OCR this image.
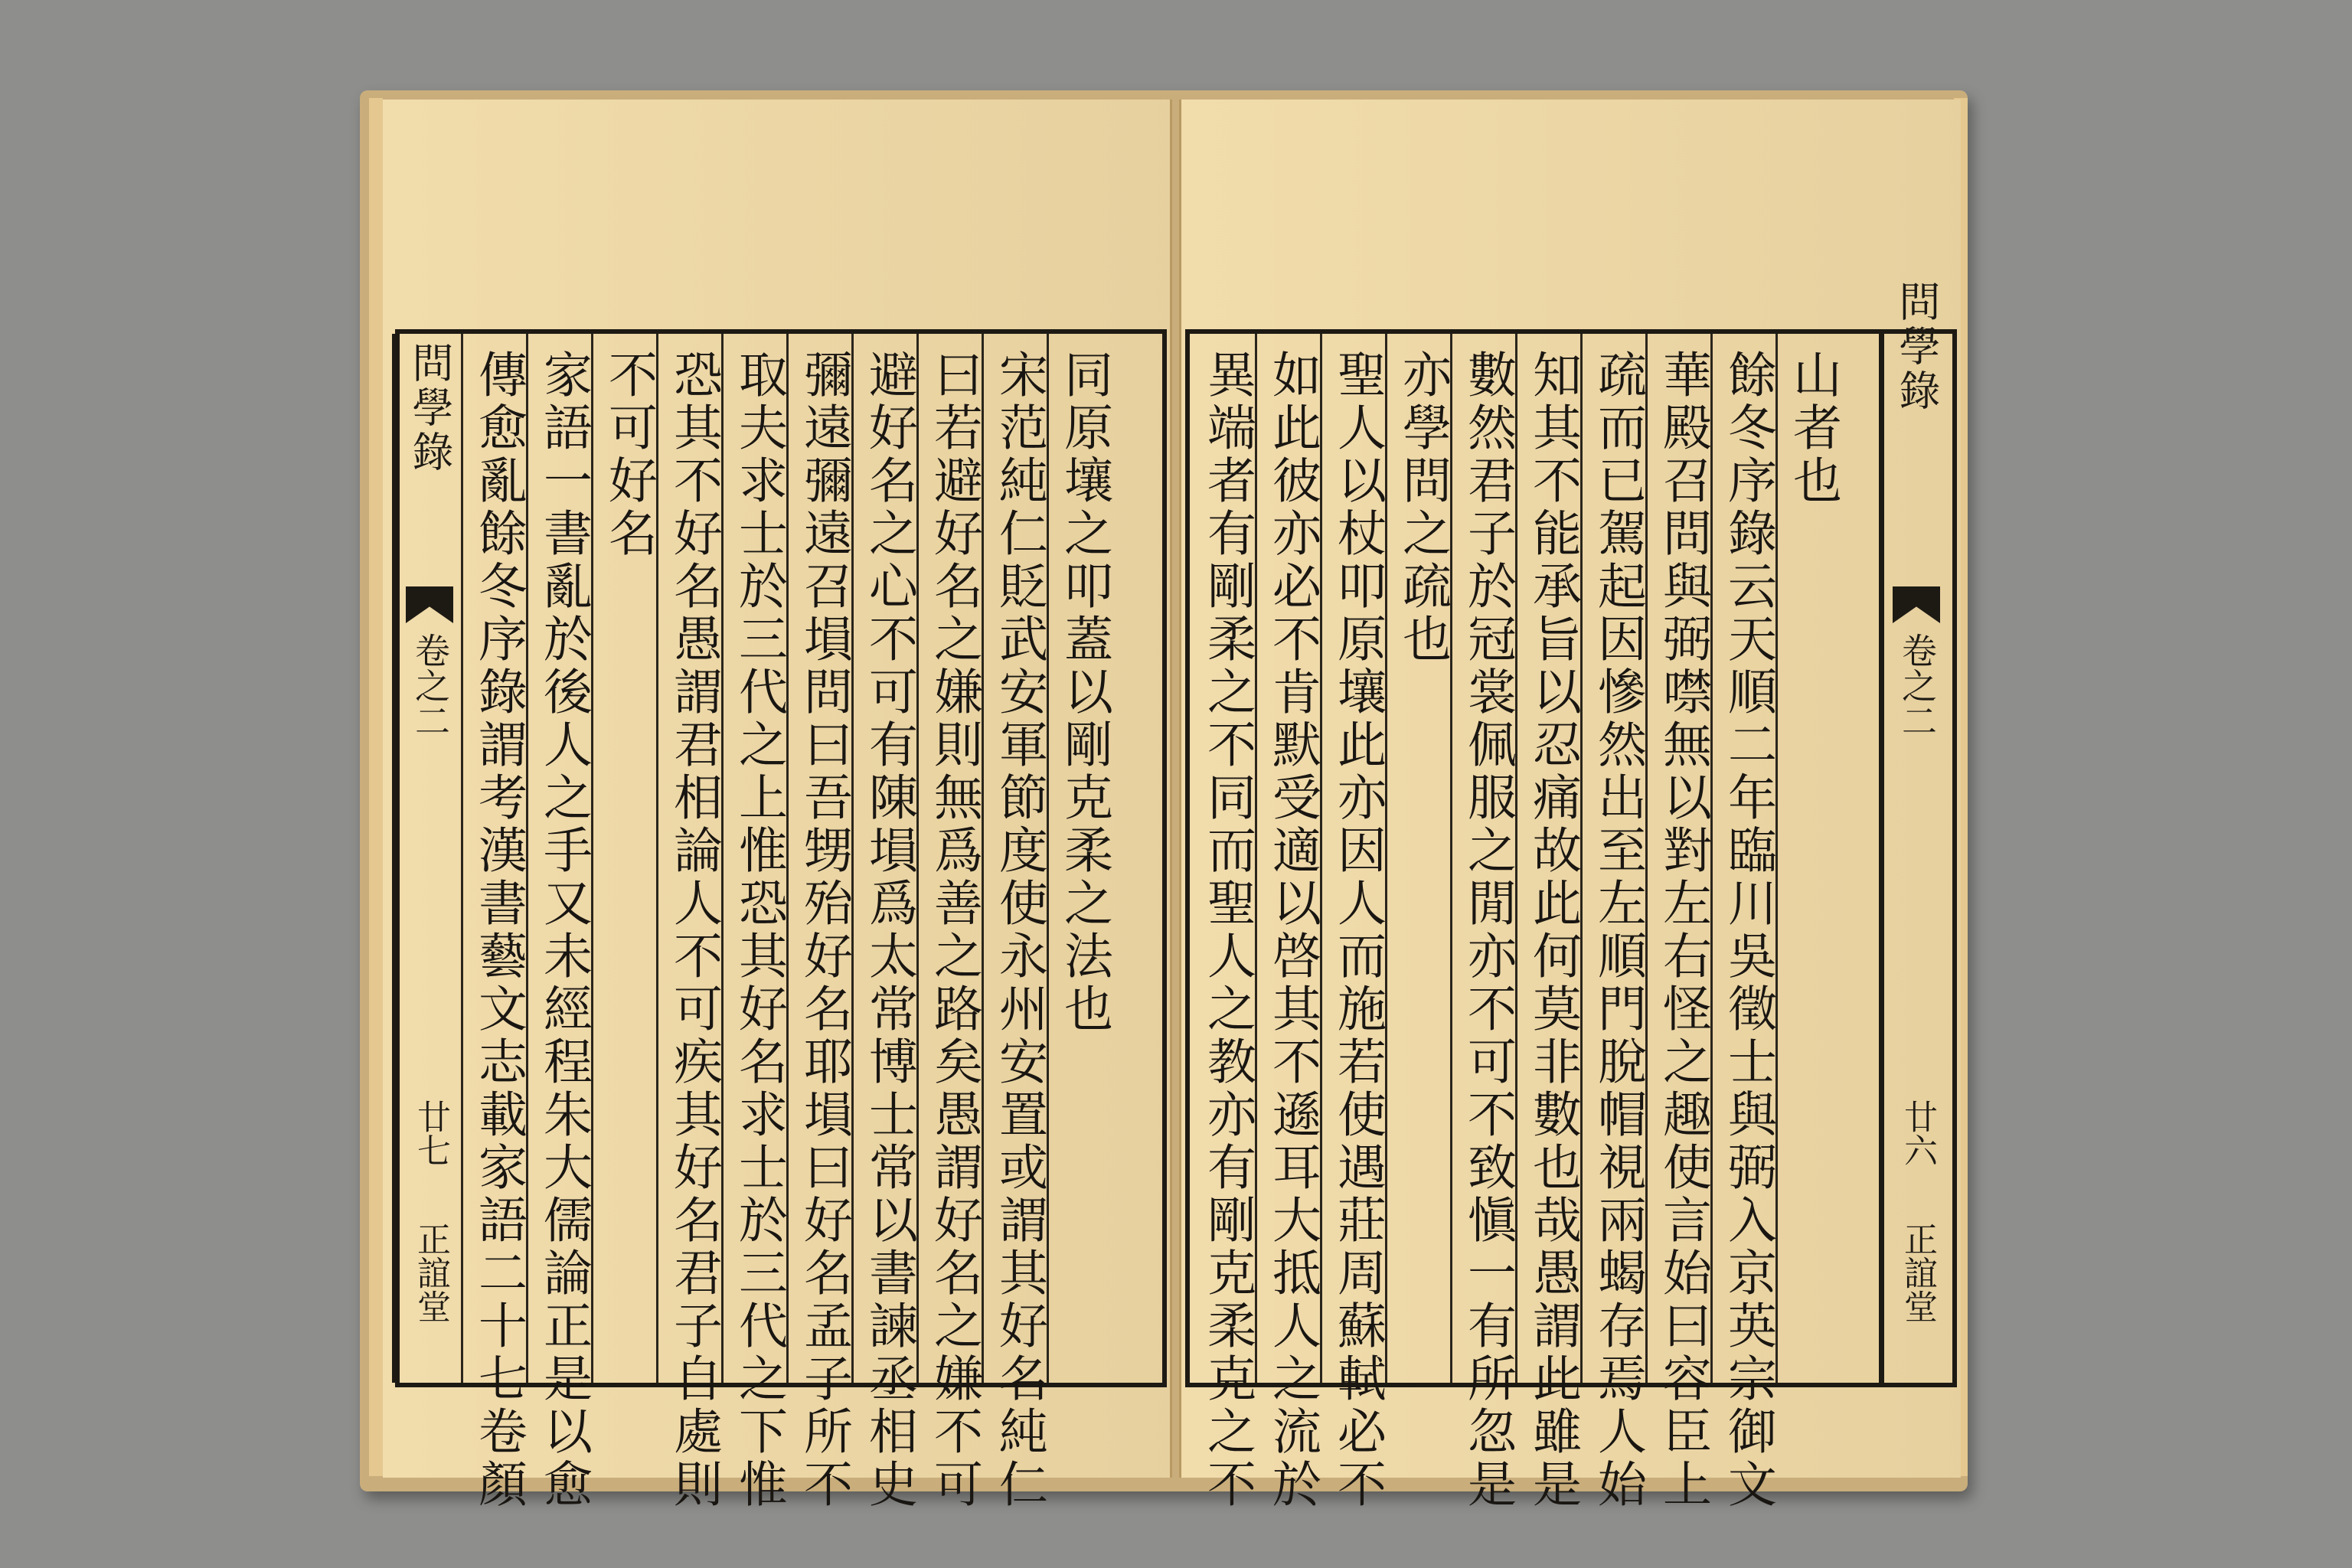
同原壤之叩蓋以剛克柔之法也
宋范純仁貶武安軍節度使永州安置或謂其好名純仁
曰若避好名之嫌則無爲善之路矣愚謂好名之嫌不可
避好名之心不可有陳塤爲太常博士常以書諫丞相史
彌遠彌遠召塤問曰吾甥殆好名耶塤曰好名孟子所不
取夫求士於三代之上惟恐其好名求士於三代之下惟
恐其不好名愚謂君相論人不可疾其好名君子自處則
不可好名
家語一書亂於後人之手又未經程朱大儒論正是以愈
傳愈亂餘冬序錄謂考漢書藝文志載家語二十七卷顏
問學錄
卷之二
廿七
正誼堂
山者也
餘冬序錄云天順二年臨川吳徵士與弼入京英宗御文
華殿召問與弼噤無以對左右怪之趣使言始曰容臣上
疏而已駕起因慘然出至左順門脫帽視兩蝎存焉人始
知其不能承旨以忍痛故此何莫非數也哉愚謂此雖是
數然君子於冠裳佩服之閒亦不可不致愼一有所忽是
亦學問之疏也
聖人以杖叩原壤此亦因人而施若使遇莊周蘇軾必不
如此彼亦必不肯默受適以啓其不遜耳大抵人之流於
異端者有剛柔之不同而聖人之教亦有剛克柔克之不
問學錄
卷之二
廿六
正誼堂
